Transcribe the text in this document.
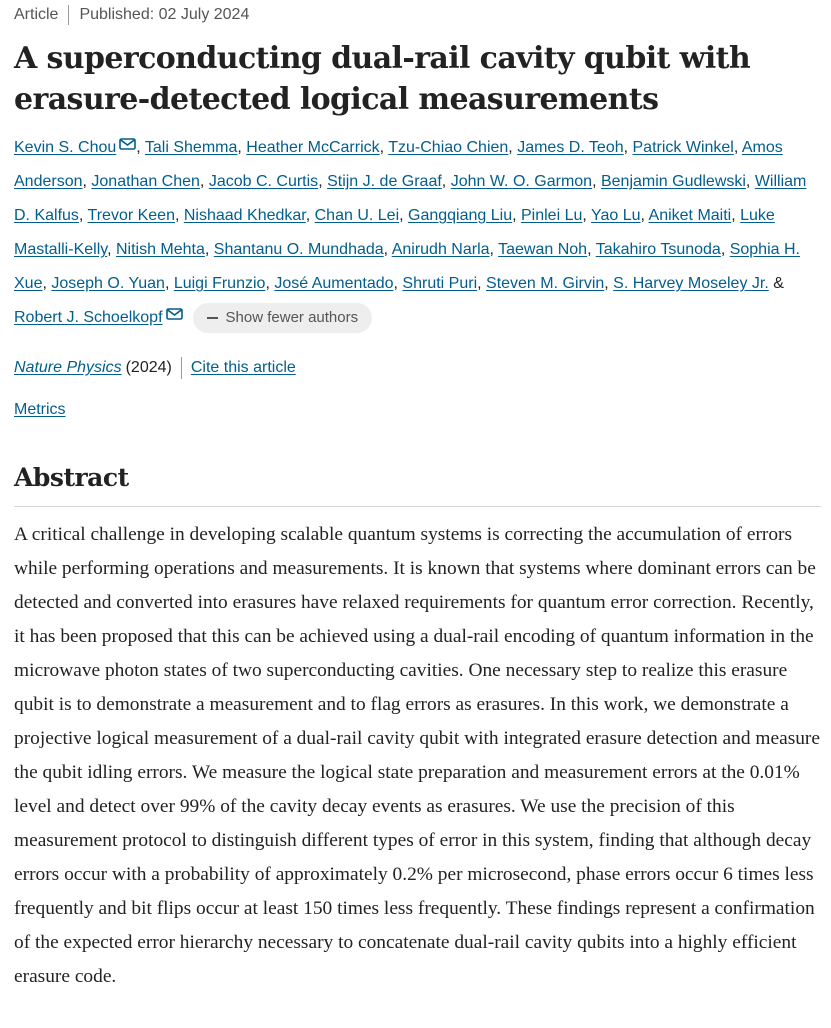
Article Published: 02 July 2024
A superconducting dual-rail cavity qubit with erasure-detected logical measurements
Kevin S. Chou , Tali Shemma, Heather McCarrick, Tzu-Chiao Chien, James D. Teoh, Patrick Winkel, Amos Anderson, Jonathan Chen, Jacob C. Curtis, Stijn J. de Graaf, John W. O. Garmon, Benjamin Gudlewski, William D. Kalfus, Trevor Keen, Nishaad Khedkar, Chan U. Lei, Gangqiang Liu, Pinlei Lu, Yao Lu, Aniket Maiti, Luke Mastalli-Kelly, Nitish Mehta, Shantanu O. Mundhada, Anirudh Narla, Taewan Noh, Takahiro Tsunoda, Sophia H. Xue, Joseph O. Yuan, Luigi Frunzio, José Aumentado, Shruti Puri, Steven M. Girvin, S. Harvey Moseley Jr. & Robert J. Schoelkopf	Show fewer authors
Nature Physics (2024) Cite this article
Metrics
Abstract

A critical challenge in developing scalable quantum systems is correcting the accumulation of errors while performing operations and measurements. It is known that systems where dominant errors can be detected and converted into erasures have relaxed requirements for quantum error correction. Recently, it has been proposed that this can be achieved using a dual-rail encoding of quantum information in the microwave photon states of two superconducting cavities. One necessary step to realize this erasure qubit is to demonstrate a measurement and to flag errors as erasures. In this work, we demonstrate a projective logical measurement of a dual-rail cavity qubit with integrated erasure detection and measure the qubit idling errors. We measure the logical state preparation and measurement errors at the 0.01% level and detect over 99% of the cavity decay events as erasures. We use the precision of this measurement protocol to distinguish different types of error in this system, finding that although decay errors occur with a probability of approximately 0.2% per microsecond, phase errors occur 6 times less frequently and bit flips occur at least 150 times less frequently. These findings represent a confirmation of the expected error hierarchy necessary to concatenate dual-rail cavity qubits into a highly efficient erasure code.
